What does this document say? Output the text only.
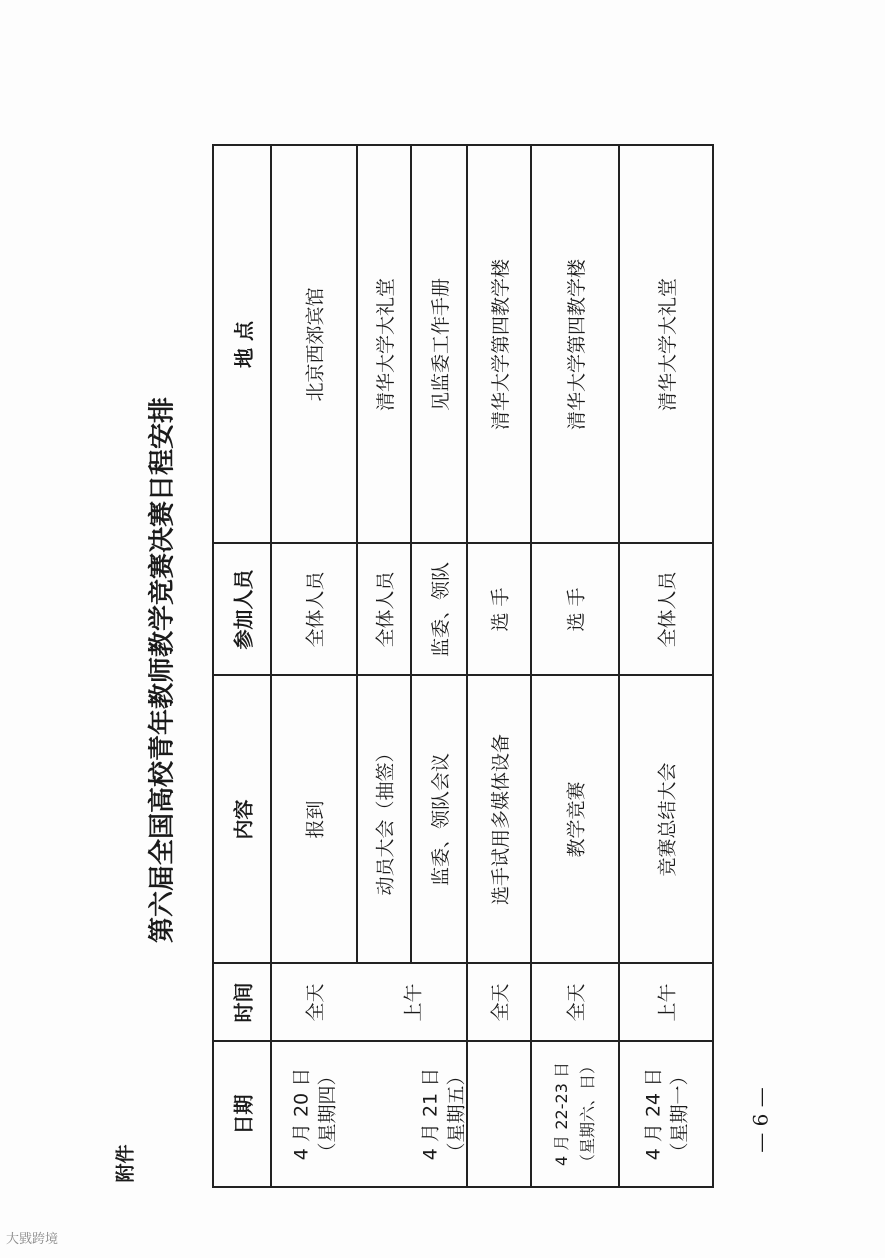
附件
第六届全国高校青年教师教学竞赛决赛日程安排
— 6 —
日期
时间
内容
参加人员
地 点
4 月 20 日 （星期四）
全天
报到
全体人员
北京西郊宾馆
4 月 21 日 （星期五）
上午	全天
动员大会（抽签）
全体人员
清华大学大礼堂
监委、领队会议
监委、领队
见监委工作手册
选手试用多媒体设备
选 手
清华大学第四教学楼
4 月 22-23 日 （星期六、日）
全天
教学竞赛
选 手
清华大学第四教学楼
4 月 24 日 （星期一）
上午
竞赛总结大会
全体人员
清华大学大礼堂
大戥跨境
